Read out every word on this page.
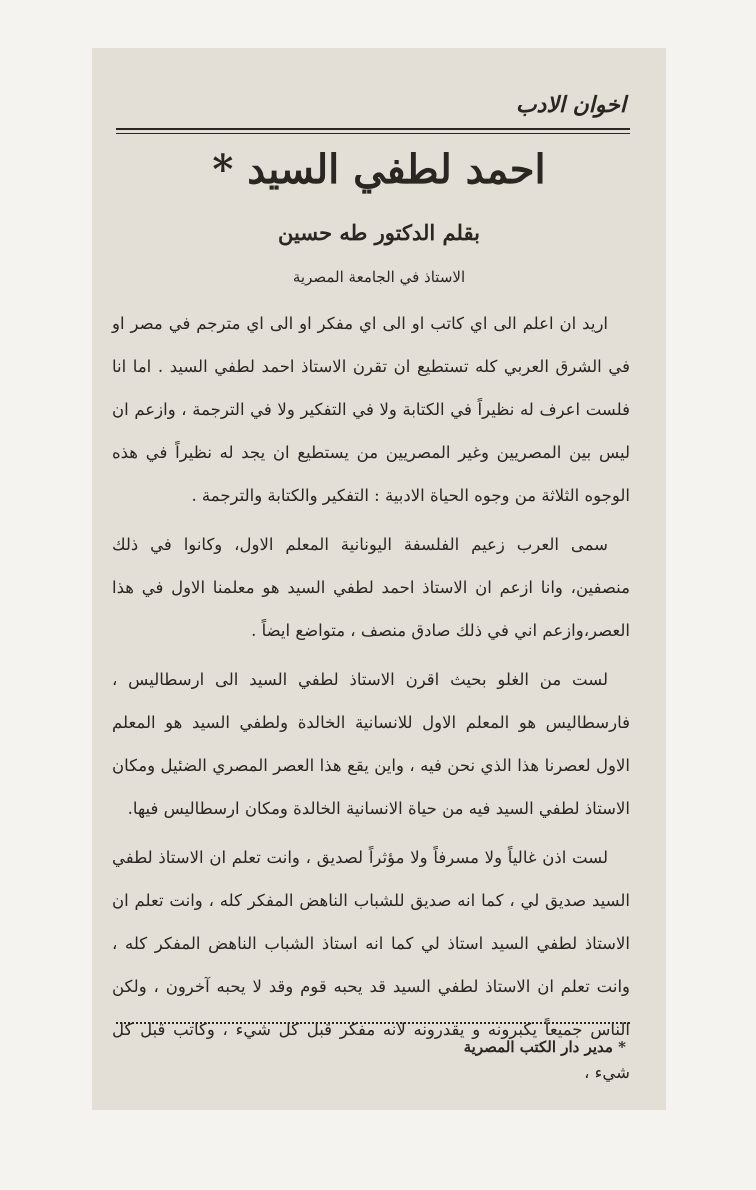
اخوان الادب
احمد لطفي السيد *
بقلم الدكتور طه حسين
الاستاذ في الجامعة المصرية

اريد ان اعلم الى اي كاتب او الى اي مفكر او الى اي مترجم في مصر او في الشرق العربي كله تستطيع ان تقرن الاستاذ احمد لطفي السيد . اما انا فلست اعرف له نظيراً في الكتابة ولا في التفكير ولا في الترجمة ، وازعم ان ليس بين المصريين وغير المصريين من يستطيع ان يجد له نظيراً في هذه الوجوه الثلاثة من وجوه الحياة الادبية : التفكير والكتابة والترجمة .

سمى العرب زعيم الفلسفة اليونانية المعلم الاول، وكانوا في ذلك منصفين، وانا ازعم ان الاستاذ احمد لطفي السيد هو معلمنا الاول في هذا العصر،وازعم اني في ذلك صادق منصف ، متواضع ايضاً .

لست من الغلو بحيث اقرن الاستاذ لطفي السيد الى ارسطاليس ، فارسطاليس هو المعلم الاول للانسانية الخالدة ولطفي السيد هو المعلم الاول لعصرنا هذا الذي نحن فيه ، واين يقع هذا العصر المصري الضئيل ومكان الاستاذ لطفي السيد فيه من حياة الانسانية الخالدة ومكان ارسطاليس فيها.

لست اذن غالياً ولا مسرفاً ولا مؤثراً لصديق ، وانت تعلم ان الاستاذ لطفي السيد صديق لي ، كما انه صديق للشباب الناهض المفكر كله ، وانت تعلم ان الاستاذ لطفي السيد استاذ لي كما انه استاذ الشباب الناهض المفكر كله ، وانت تعلم ان الاستاذ لطفي السيد قد يحبه قوم وقد لا يحبه آخرون ، ولكن الناس جميعاً يكبرونه و يقدرونه لانه مفكر قبل كل شيء ، وكاتب قبل كل شيء ،

* مدير دار الكتب المصرية
